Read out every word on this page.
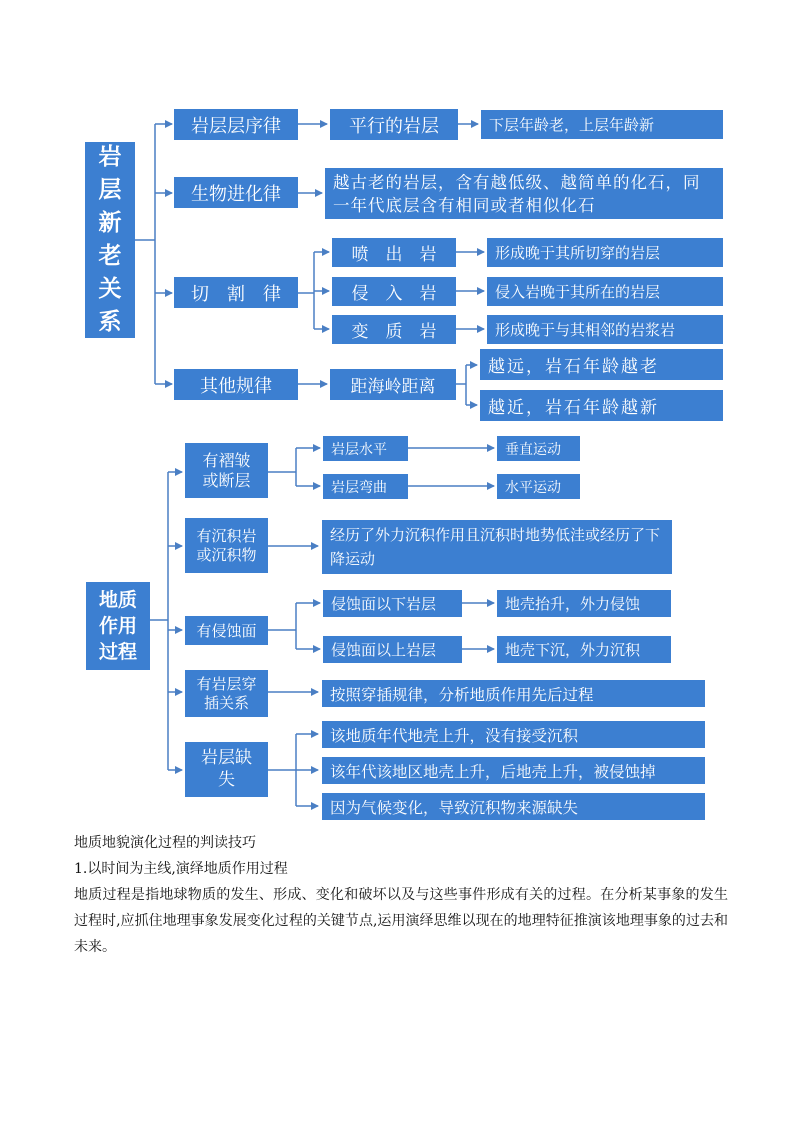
岩层新老关系
岩层层序律	平行的岩层	下层年龄老，上层年龄新
生物进化律
越古老的岩层，含有越低级、越简单的化石，同一年代底层含有相同或者相似化石
切　割　律
喷　出　岩
侵　入　岩
变　质　岩
形成晚于其所切穿的岩层
侵入岩晚于其所在的岩层
形成晚于与其相邻的岩浆岩
其他规律	距海岭距离
越远，岩石年龄越老
越近，岩石年龄越新
地质作用过程
有褶皱或断层
岩层水平
岩层弯曲
垂直运动
水平运动
有沉积岩或沉积物
经历了外力沉积作用且沉积时地势低洼或经历了下降运动
有侵蚀面
侵蚀面以下岩层
侵蚀面以上岩层
地壳抬升，外力侵蚀
地壳下沉，外力沉积
有岩层穿插关系	按照穿插规律，分析地质作用先后过程
岩层缺失
该地质年代地壳上升，没有接受沉积
该年代该地区地壳上升，后地壳上升，被侵蚀掉
因为气候变化，导致沉积物来源缺失
地质地貌演化过程的判读技巧
1.以时间为主线,演绎地质作用过程
地质过程是指地球物质的发生、形成、变化和破坏以及与这些事件形成有关的过程。在分析某事象的发生过程时,应抓住地理事象发展变化过程的关键节点,运用演绎思维以现在的地理特征推演该地理事象的过去和未来。
